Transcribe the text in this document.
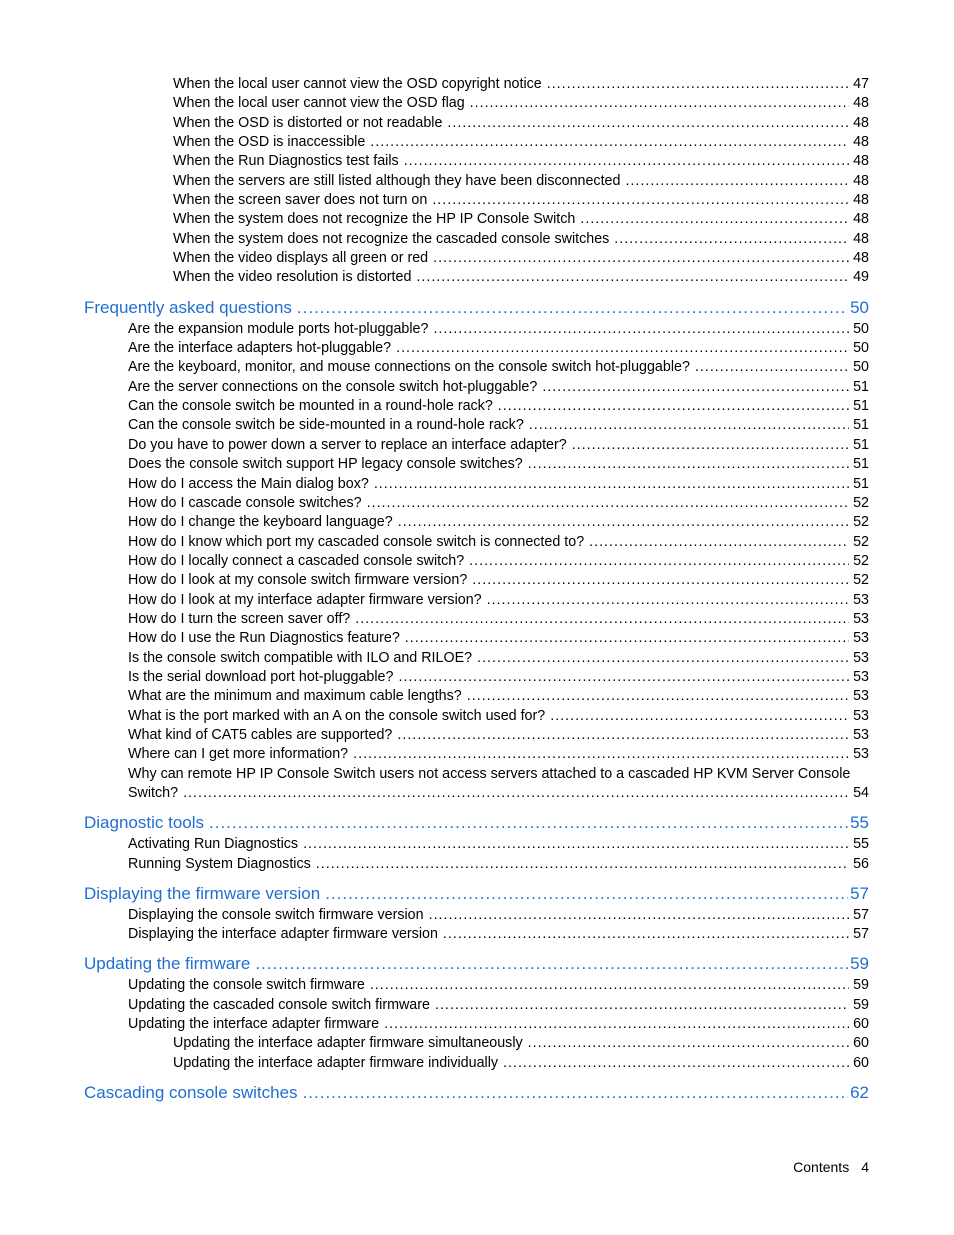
When the local user cannot view the OSD copyright notice .....	47
When the local user cannot view the OSD flag .....	48
When the OSD is distorted or not readable .....	48
When the OSD is inaccessible .....	48
When the Run Diagnostics test fails .....	48
When the servers are still listed although they have been disconnected .....	48
When the screen saver does not turn on .....	48
When the system does not recognize the HP IP Console Switch .....	48
When the system does not recognize the cascaded console switches .....	48
When the video displays all green or red .....	48
When the video resolution is distorted .....	49
Frequently asked questions .....	50
Are the expansion module ports hot-pluggable? .....	50
Are the interface adapters hot-pluggable? .....	50
Are the keyboard, monitor, and mouse connections on the console switch hot-pluggable? .....	50
Are the server connections on the console switch hot-pluggable? .....	51
Can the console switch be mounted in a round-hole rack? .....	51
Can the console switch be side-mounted in a round-hole rack? .....	51
Do you have to power down a server to replace an interface adapter? .....	51
Does the console switch support HP legacy console switches? .....	51
How do I access the Main dialog box? .....	51
How do I cascade console switches? .....	52
How do I change the keyboard language? .....	52
How do I know which port my cascaded console switch is connected to? .....	52
How do I locally connect a cascaded console switch? .....	52
How do I look at my console switch firmware version? .....	52
How do I look at my interface adapter firmware version? .....	53
How do I turn the screen saver off? .....	53
How do I use the Run Diagnostics feature? .....	53
Is the console switch compatible with ILO and RILOE? .....	53
Is the serial download port hot-pluggable? .....	53
What are the minimum and maximum cable lengths? .....	53
What is the port marked with an A on the console switch used for? .....	53
What kind of CAT5 cables are supported? .....	53
Where can I get more information? .....	53
Why can remote HP IP Console Switch users not access servers attached to a cascaded HP KVM Server Console
Switch? .....	54
Diagnostic tools .....	55
Activating Run Diagnostics .....	55
Running System Diagnostics .....	56
Displaying the firmware version .....	57
Displaying the console switch firmware version .....	57
Displaying the interface adapter firmware version .....	57
Updating the firmware .....	59
Updating the console switch firmware .....	59
Updating the cascaded console switch firmware .....	59
Updating the interface adapter firmware .....	60
Updating the interface adapter firmware simultaneously .....	60
Updating the interface adapter firmware individually .....	60
Cascading console switches .....	62
Contents 4
